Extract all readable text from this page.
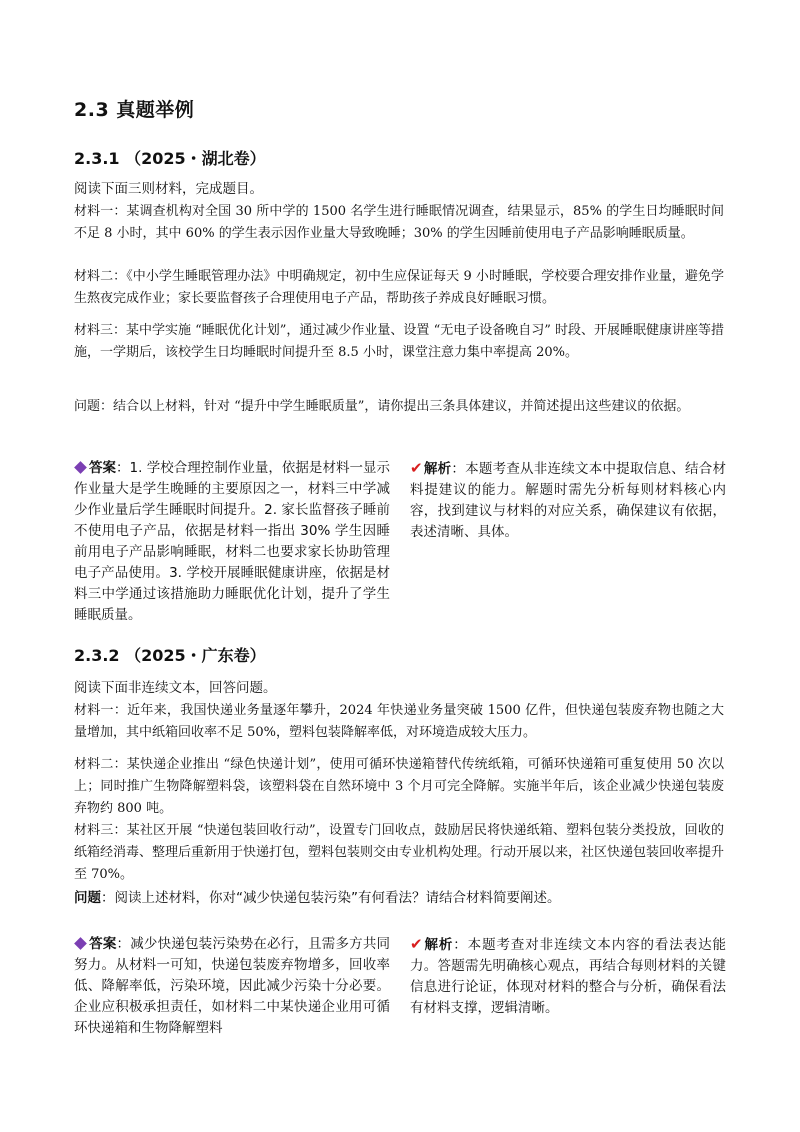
2.3 真题举例
2.3.1 （2025・湖北卷）
阅读下面三则材料，完成题目。
材料一：某调查机构对全国 30 所中学的 1500 名学生进行睡眠情况调查，结果显示，85% 的学生日均睡眠时间不足 8 小时，其中 60% 的学生表示因作业量大导致晚睡；30% 的学生因睡前使用电子产品影响睡眠质量。
材料二：《中小学生睡眠管理办法》中明确规定，初中生应保证每天 9 小时睡眠，学校要合理安排作业量，避免学生熬夜完成作业；家长要监督孩子合理使用电子产品，帮助孩子养成良好睡眠习惯。
材料三：某中学实施 “睡眠优化计划”，通过减少作业量、设置 “无电子设备晚自习” 时段、开展睡眠健康讲座等措施，一学期后，该校学生日均睡眠时间提升至 8.5 小时，课堂注意力集中率提高 20%。
问题：结合以上材料，针对 “提升中学生睡眠质量”，请你提出三条具体建议，并简述提出这些建议的依据。
答案：1. 学校合理控制作业量，依据是材料一显示作业量大是学生晚睡的主要原因之一，材料三中学减少作业量后学生睡眠时间提升。2. 家长监督孩子睡前不使用电子产品，依据是材料一指出 30% 学生因睡前用电子产品影响睡眠，材料二也要求家长协助管理电子产品使用。3. 学校开展睡眠健康讲座，依据是材料三中学通过该措施助力睡眠优化计划，提升了学生睡眠质量。
✔解析：本题考查从非连续文本中提取信息、结合材料提建议的能力。解题时需先分析每则材料核心内容，找到建议与材料的对应关系，确保建议有依据，表述清晰、具体。
2.3.2 （2025・广东卷）
阅读下面非连续文本，回答问题。
材料一：近年来，我国快递业务量逐年攀升，2024 年快递业务量突破 1500 亿件，但快递包装废弃物也随之大量增加，其中纸箱回收率不足 50%，塑料包装降解率低，对环境造成较大压力。
材料二：某快递企业推出 “绿色快递计划”，使用可循环快递箱替代传统纸箱，可循环快递箱可重复使用 50 次以上；同时推广生物降解塑料袋，该塑料袋在自然环境中 3 个月可完全降解。实施半年后，该企业减少快递包装废弃物约 800 吨。
材料三：某社区开展 “快递包装回收行动”，设置专门回收点，鼓励居民将快递纸箱、塑料包装分类投放，回收的纸箱经消毒、整理后重新用于快递打包，塑料包装则交由专业机构处理。行动开展以来，社区快递包装回收率提升至 70%。
问题：阅读上述材料，你对“减少快递包装污染”有何看法？请结合材料简要阐述。
答案：减少快递包装污染势在必行，且需多方共同努力。从材料一可知，快递包装废弃物增多，回收率低、降解率低，污染环境，因此减少污染十分必要。企业应积极承担责任，如材料二中某快递企业用可循环快递箱和生物降解塑料
✔解析：本题考查对非连续文本内容的看法表达能力。答题需先明确核心观点，再结合每则材料的关键信息进行论证，体现对材料的整合与分析，确保看法有材料支撑，逻辑清晰。
